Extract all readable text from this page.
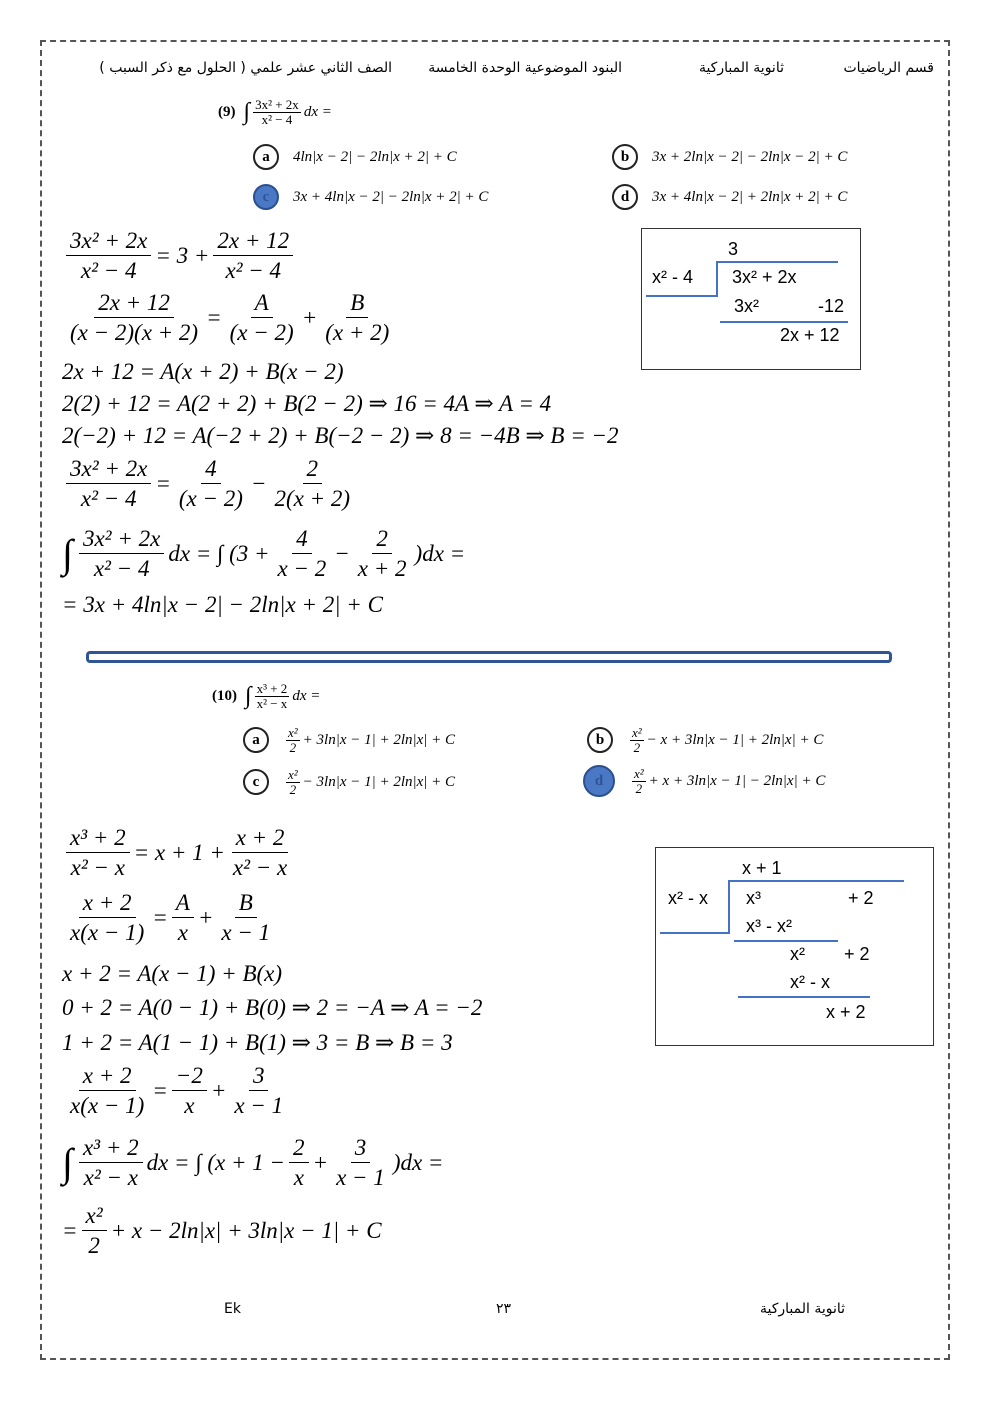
قسم الرياضيات
ثانوية المباركية
البنود الموضوعية الوحدة الخامسة
الصف الثاني عشر علمي ( الحلول مع ذكر السبب )
(9) ∫ 3x² + 2x
x² − 4 dx =
a	4ln|x − 2| − 2ln|x + 2| + C	b	3x + 2ln|x − 2| − 2ln|x − 2| + C
c	3x + 4ln|x − 2| − 2ln|x + 2| + C	d	3x + 4ln|x − 2| + 2ln|x + 2| + C
3
x² - 4 3x² + 2x
3x²	-12
2x + 12
$\frac{\text{3x² + 2x}}{\text{x² − 4}} = 3 + \frac{2x + 12}{\text{x² − 4}}$
$\frac{2x + 12}{(x - 2)(x + 2)} = \frac{A}{(x - 2)} + \frac{B}{(x + 2)}$
2x + 12 = A(x + 2) + B(x − 2)
2(2) + 12 = A(2 + 2) + B(2 − 2) ⇒ 16 = 4A ⇒ A = 4
2(−2) + 12 = A(−2 + 2) + B(−2 − 2) ⇒ 8 = −4B ⇒ B = −2
$\frac{\text{3x² + 2x}}{\text{x² − 4}} = \frac{4}{(x - 2)} - \frac{2}{2(x + 2)}$
∫ 3x² + 2x
x² − 4
dx = ∫ $(3 + \frac{4}{x - 2} - \frac{2}{x + 2} )dx$ =
= 3x + 4ln|x − 2| − 2ln|x + 2| + C
(10) ∫ x³ + 2
x² − x dx =
a	x²
2 + 3ln|x − 1| + 2ln|x| + C	b	x²
2 − x + 3ln|x − 1| + 2ln|x| + C
c	x²
2 − 3ln|x − 1| + 2ln|x| + C	d	x²
2 + x + 3ln|x − 1| − 2ln|x| + C
x + 1
x² - x x³	+ 2
x³ - x²
x² + 2
x² - x
x + 2
$\frac{\text{x³ + 2}}{\text{x² − x}} = x + 1 + \frac{x + 2}{\text{x² − x}}$
$\frac{x + 2}{x(x - 1)} = \frac{A}{x} + \frac{B}{x - 1}$
x + 2 = A(x − 1) + B(x)
0 + 2 = A(0 − 1) + B(0) ⇒ 2 = −A ⇒ A = −2
1 + 2 = A(1 − 1) + B(1) ⇒ 3 = B ⇒ B = 3
$\frac{x + 2}{x(x - 1)} = \frac{-2}{x} + \frac{3}{x - 1}$
∫ x³ + 2
x² − x
dx = ∫ $(x + 1 - \frac{2}{x} + \frac{3}{x - 1} )dx$ =
= $\frac{\text{x²}}{2} + x - 2\ln|x| + 3\ln|x - 1| + C$
Ek	٢٣	ثانوية المباركية
